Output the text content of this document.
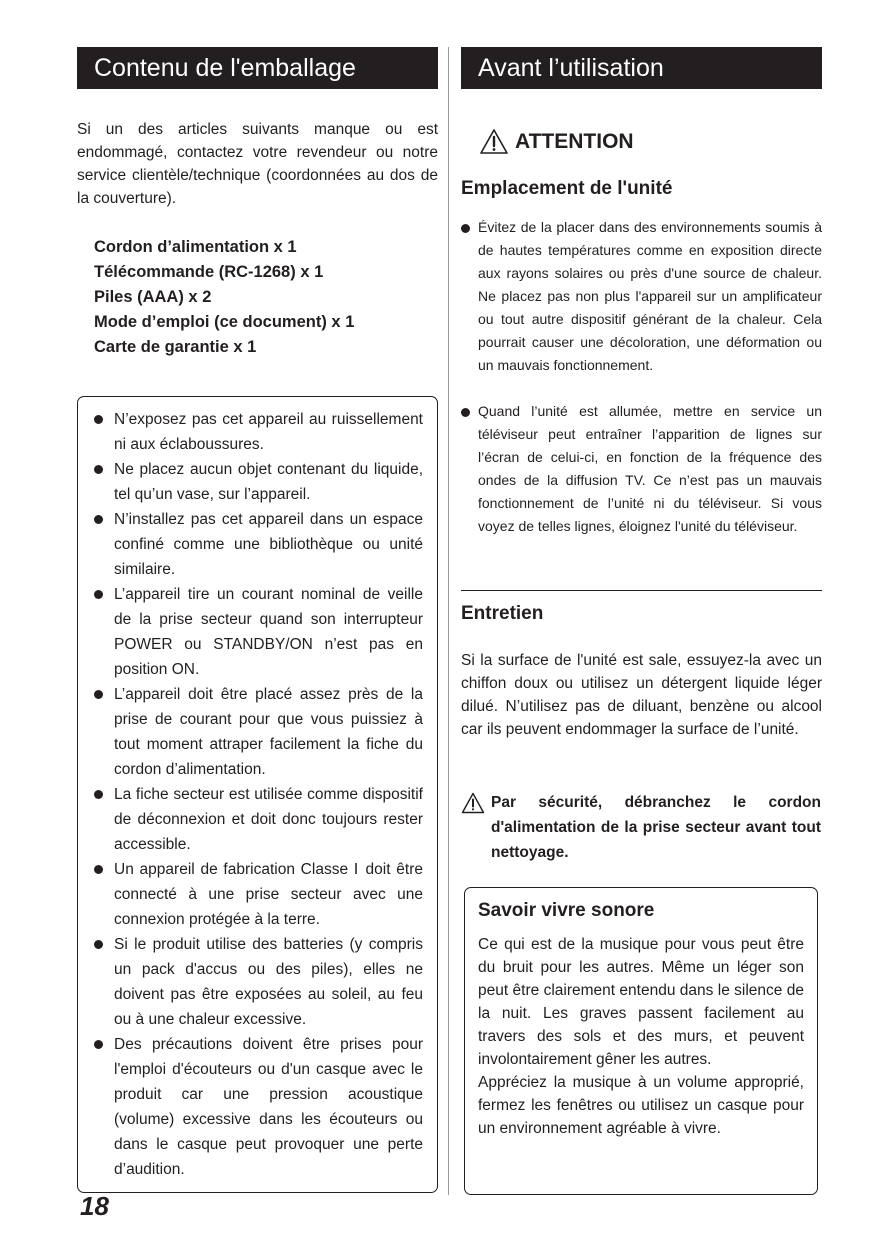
Contenu de l'emballage	Avant l’utilisation

Si un des articles suivants manque ou est endommagé, contactez votre revendeur ou notre service clientèle/technique (coordonnées au dos de la couverture).

Cordon d’alimentation x 1
Télécommande (RC-1268) x 1
Piles (AAA) x 2
Mode d’emploi (ce document) x 1
Carte de garantie x 1
N’exposez pas cet appareil au ruissellement ni aux éclaboussures.
Ne placez aucun objet contenant du liquide, tel qu’un vase, sur l’appareil.
N’installez pas cet appareil dans un espace confiné comme une bibliothèque ou unité similaire.
L’appareil tire un courant nominal de veille de la prise secteur quand son interrupteur POWER ou STANDBY/ON n’est pas en position ON.
L’appareil doit être placé assez près de la prise de courant pour que vous puissiez à tout moment attraper facilement la fiche du cordon d’alimentation.
La fiche secteur est utilisée comme dispositif de déconnexion et doit donc toujours rester accessible.
Un appareil de fabrication Classe Ⅰ doit être connecté à une prise secteur avec une connexion protégée à la terre.
Si le produit utilise des batteries (y compris un pack d'accus ou des piles), elles ne doivent pas être exposées au soleil, au feu ou à une chaleur excessive.
Des précautions doivent être prises pour l'emploi d'écouteurs ou d'un casque avec le produit car une pression acoustique (volume) excessive dans les écouteurs ou dans le casque peut provoquer une perte d’audition.
ATTENTION
Emplacement de l'unité
Évitez de la placer dans des environnements soumis à de hautes températures comme en exposition directe aux rayons solaires ou près d'une source de chaleur. Ne placez pas non plus l'appareil sur un amplificateur ou tout autre dispositif générant de la chaleur. Cela pourrait causer une décoloration, une déformation ou un mauvais fonctionnement.
Quand l’unité est allumée, mettre en service un téléviseur peut entraîner l’apparition de lignes sur l’écran de celui-ci, en fonction de la fréquence des ondes de la diffusion TV. Ce n’est pas un mauvais fonctionnement de l’unité ni du téléviseur. Si vous voyez de telles lignes, éloignez l'unité du téléviseur.
Entretien

Si la surface de l'unité est sale, essuyez-la avec un chiffon doux ou utilisez un détergent liquide léger dilué. N’utilisez pas de diluant, benzène ou alcool car ils peuvent endommager la surface de l’unité.

Par sécurité, débranchez le cordon d'alimentation de la prise secteur avant tout nettoyage.

Savoir vivre sonore
Ce qui est de la musique pour vous peut être du bruit pour les autres. Même un léger son peut être clairement entendu dans le silence de la nuit. Les graves passent facilement au travers des sols et des murs, et peuvent involontairement gêner les autres.
Appréciez la musique à un volume approprié, fermez les fenêtres ou utilisez un casque pour un environnement agréable à vivre.
18
